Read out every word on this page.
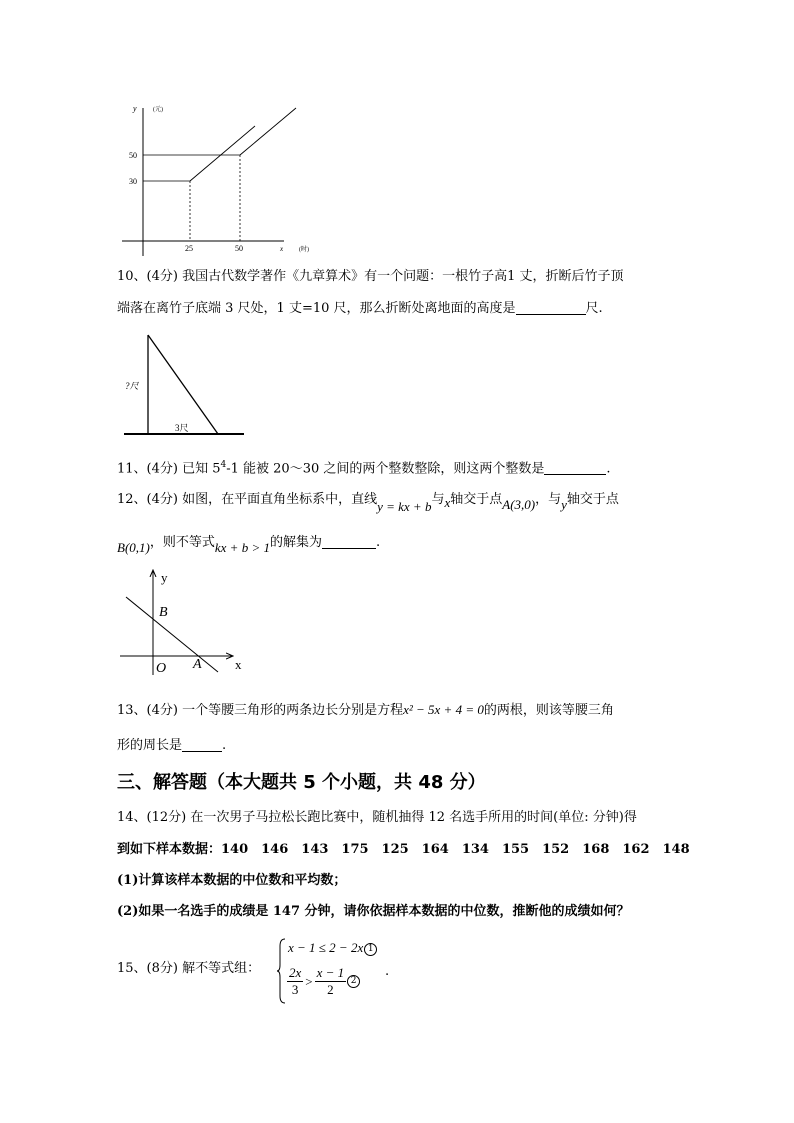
y	(元)
50
30
25	50	x	(时)
10、(4分) 我国古代数学著作《九章算术》有一个问题：一根竹子高1 丈，折断后竹子顶
端落在离竹子底端 3 尺处，1 丈=10 尺，那么折断处离地面的高度是	尺.
?尺
3尺
11、(4分) 已知 $5^4-1$ 能被 20～30 之间的两个整数整除，则这两个整数是	.
12、(4分) 如图，在平面直角坐标系中，直线y = kx + b与x轴交于点A(3,0)，与y轴交于点
B(0,1)，则不等式kx + b > 1的解集为	.
y
x
B
O A
13、(4分) 一个等腰三角形的两条边长分别是方程x² − 5x + 4 = 0的两根，则该等腰三角
形的周长是	.
三、解答题（本大题共 5 个小题，共 48 分）
14、(12分) 在一次男子马拉松长跑比赛中，随机抽得 12 名选手所用的时间(单位: 分钟)得
到如下样本数据：140　146　143　175　125　164　134　155　152　168　162　148
(1)计算该样本数据的中位数和平均数；
(2)如果一名选手的成绩是 147 分钟，请你依据样本数据的中位数，推断他的成绩如何？
15、(8分) 解不等式组：
x − 1 ≤ 2 − 2x 1
$\frac{2x}{3} > \frac{x - 1}{2} 2$
.
